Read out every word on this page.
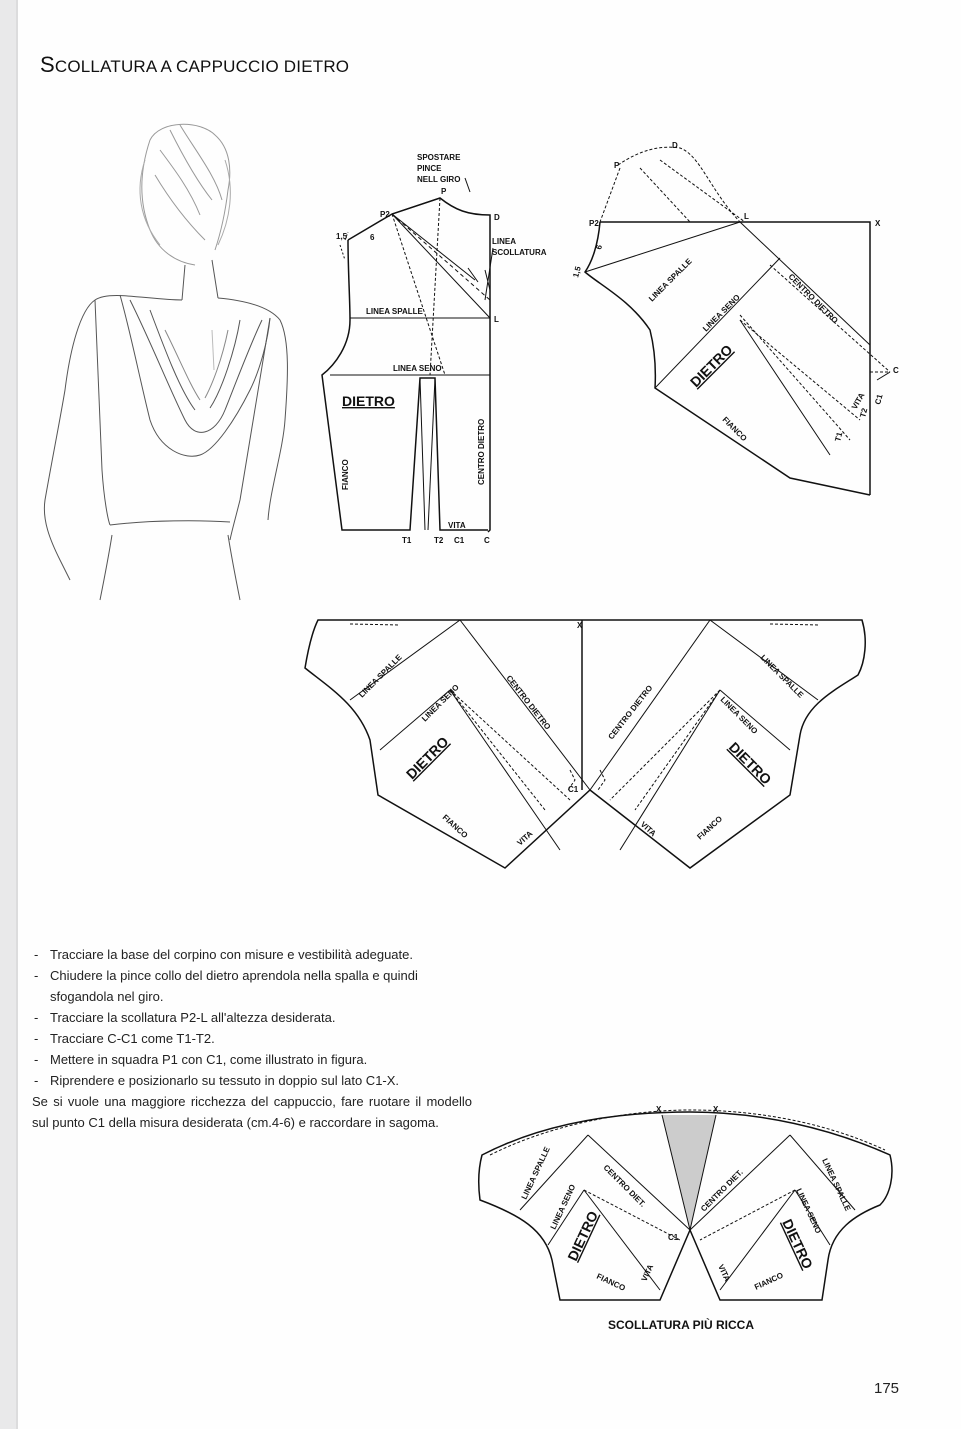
SCOLLATURA A CAPPUCCIO DIETRO
SPOSTARE
PINCE
NELL GIRO
P
P2	D
LINEA
SCOLLATURA
1,5	6
LINEA SPALLE
L
LINEA SENO
DIETRO
FIANCO	CENTRO DIETRO
VITA
T1	T2 C1 C
X
D
P
P2
L
1,5
6
LINEA SPALLE
LINEA SENO
DIETRO
CENTRO DIETRO
FIANCO
VITA
T2
C1
T1
C
X
C1
LINEA SPALLE
LINEA SENO
DIETRO
CENTRO DIETRO
FIANCO	VITA
CENTRO DIETRO	LINEA SENO
LINEA SPALLE
DIETRO
VITA	FIANCO
X	X
C1
LINEA SPALLE
LINEA SENO
DIETRO
CENTRO DIET.
FIANCO VITA
CENTRO DIET.	LINEA SPALLE
LINEA SENO
DIETRO
VITA	FIANCO
- Tracciare la base del corpino con misure e vestibilità adeguate.
- Chiudere la pince collo del dietro aprendola nella spalla e quindi sfogandola nel giro.
- Tracciare la scollatura P2-L all'altezza desiderata.
- Tracciare C-C1 come T1-T2.
- Mettere in squadra P1 con C1, come illustrato in figura.
- Riprendere e posizionarlo su tessuto in doppio sul lato C1-X.

Se si vuole una maggiore ricchezza del cappuccio, fare ruotare il modello sul punto C1 della misura desiderata (cm.4-6) e raccordare in sagoma.

SCOLLATURA PIÙ RICCA
175
